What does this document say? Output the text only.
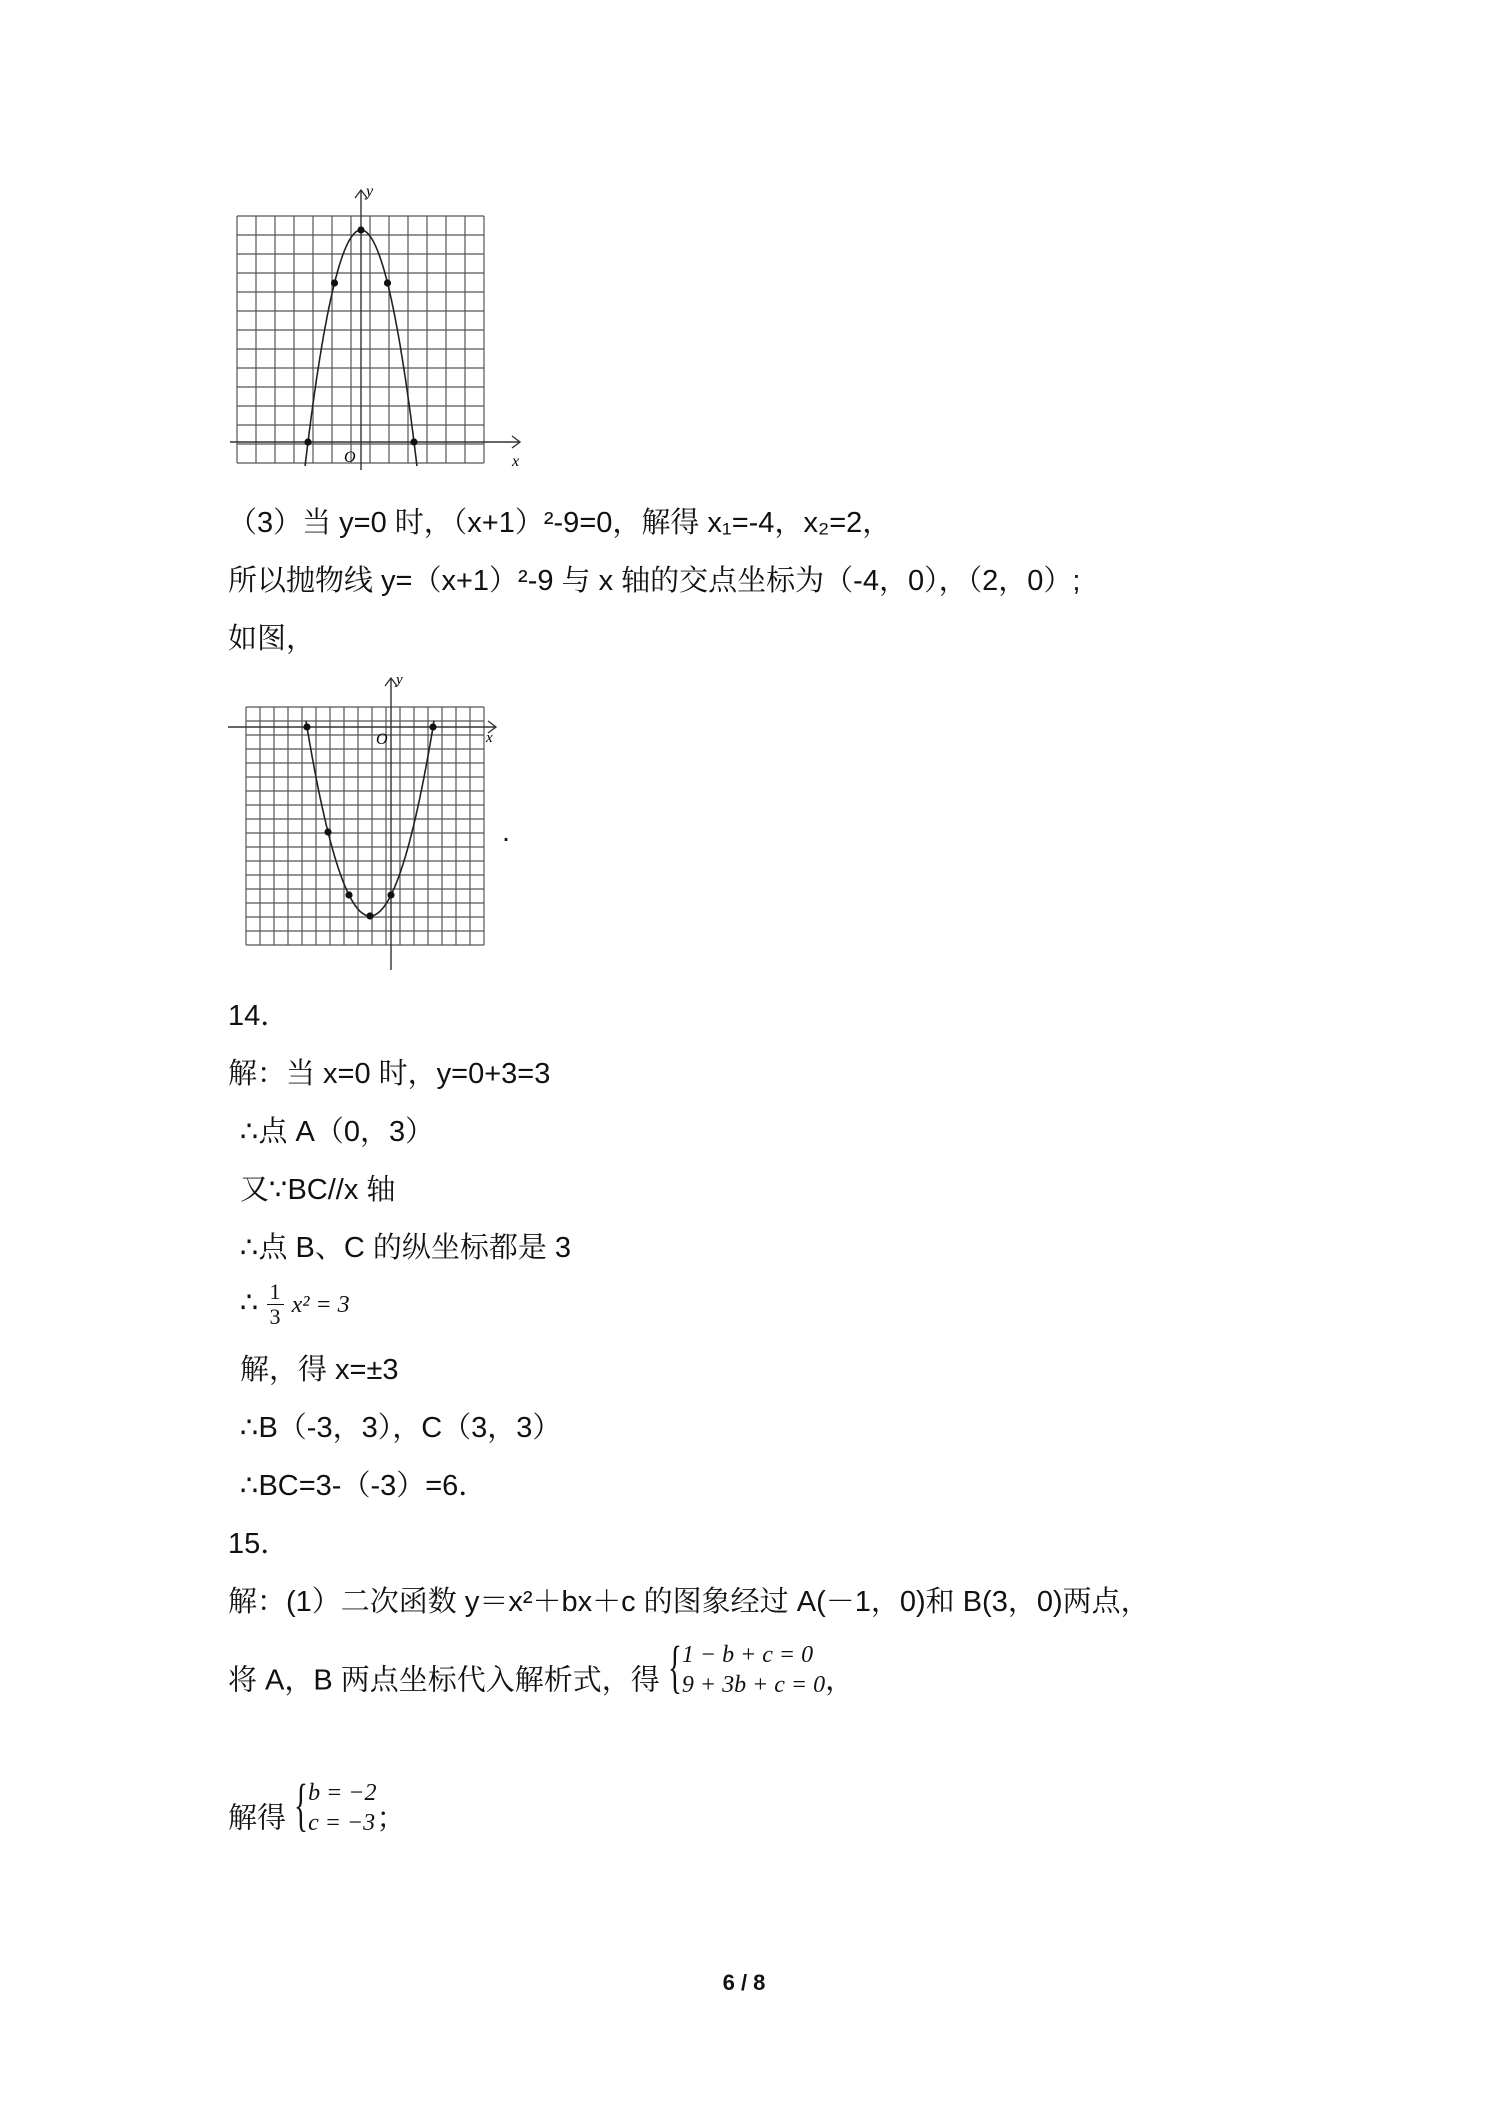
x
y
O
（3）当 y=0 时，（x+1）²-9=0，解得 x₁=-4，x₂=2，
所以抛物线 y=（x+1）²-9 与 x 轴的交点坐标为（-4，0），（2，0）;
如图，
x
y
O
.
14．
解：当 x=0 时，y=0+3=3
∴点 A（0，3）
又∵BC//x 轴
∴点 B、C 的纵坐标都是 3
∴ $\frac{1}{3} x^2 = 3$
解，得 x=±3
∴B（-3，3），C（3，3）
∴BC=3-（-3）=6．
15．
解：(1）二次函数 y＝x²＋bx＋c 的图象经过 A(－1，0)和 B(3，0)两点，
将 A，B 两点坐标代入解析式，得 { 1 − b + c = 0
9 + 3b + c = 0 ，
解得 { b = −2
c = −3 ；
6 / 8
